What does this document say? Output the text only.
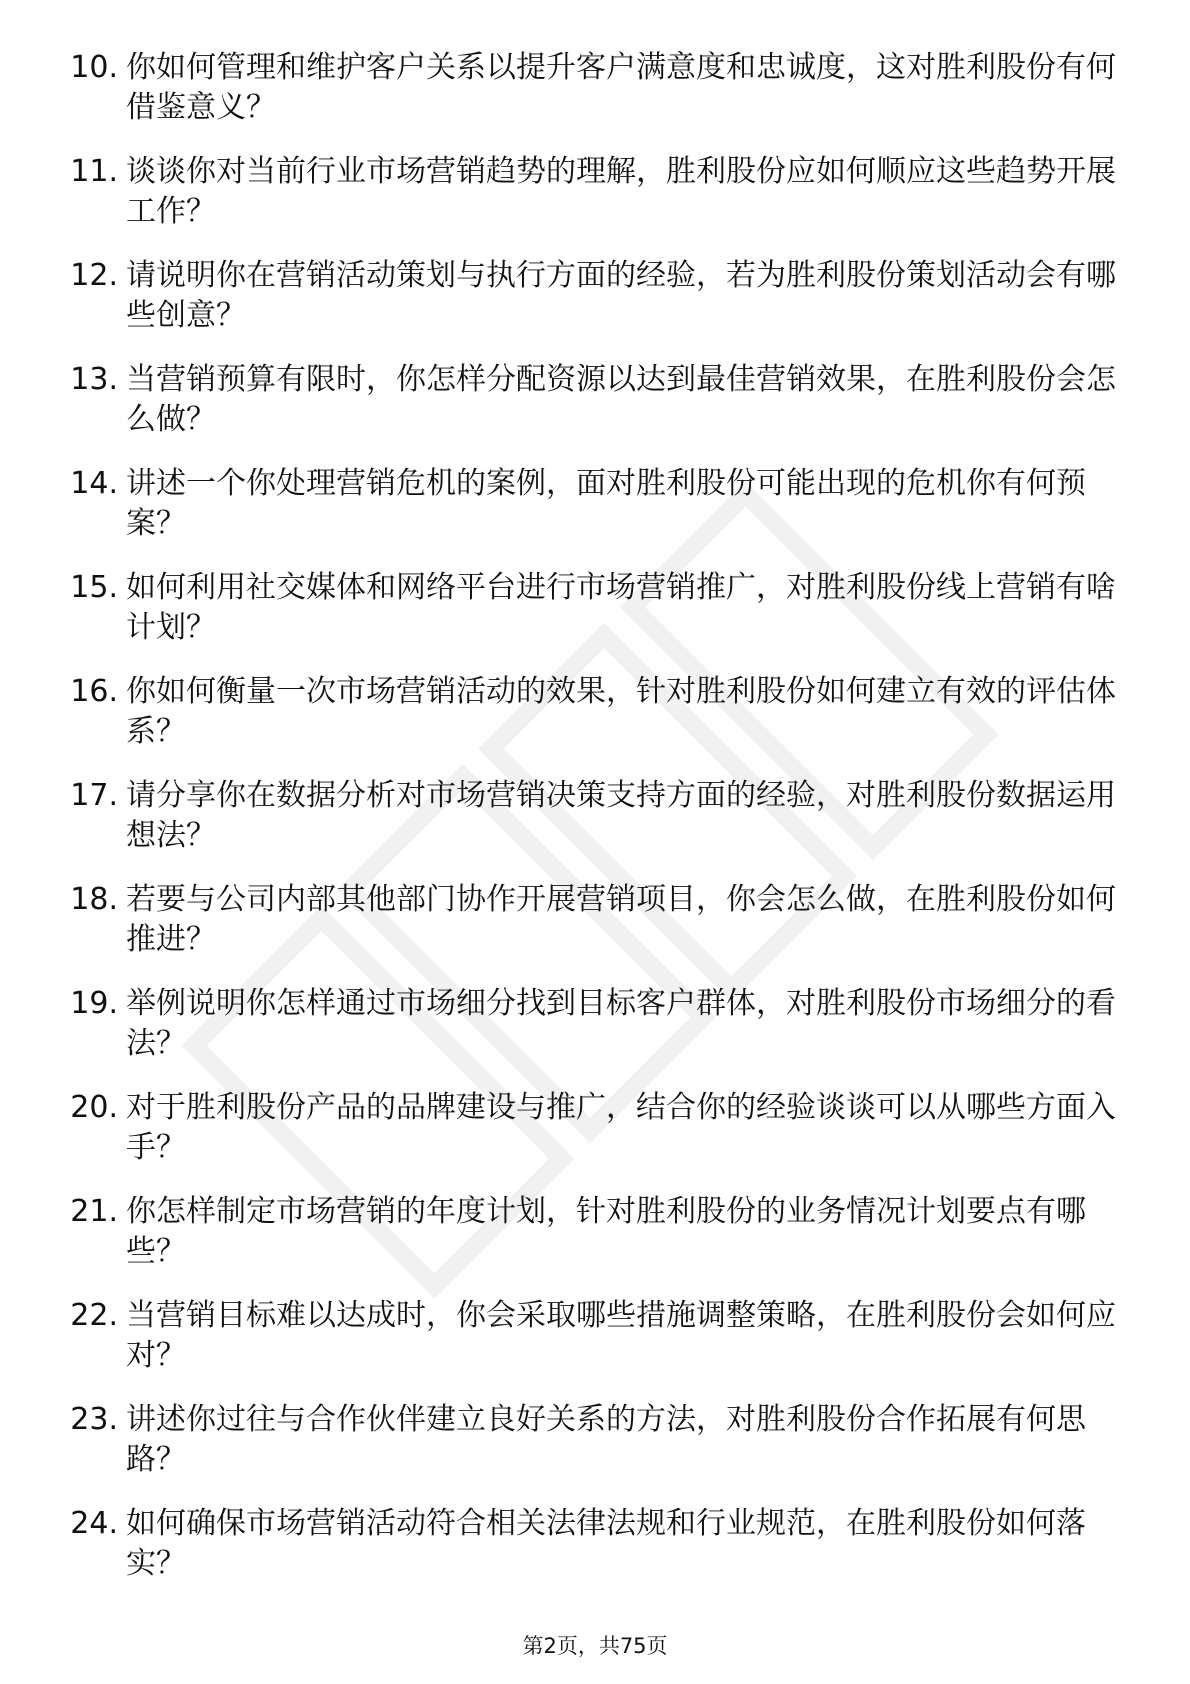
10. 你如何管理和维护客户关系以提升客户满意度和忠诚度，这对胜利股份有何借鉴意义？
11. 谈谈你对当前行业市场营销趋势的理解，胜利股份应如何顺应这些趋势开展工作？
12. 请说明你在营销活动策划与执行方面的经验，若为胜利股份策划活动会有哪些创意？
13. 当营销预算有限时，你怎样分配资源以达到最佳营销效果，在胜利股份会怎么做？
14. 讲述一个你处理营销危机的案例，面对胜利股份可能出现的危机你有何预案？
15. 如何利用社交媒体和网络平台进行市场营销推广，对胜利股份线上营销有啥计划？
16. 你如何衡量一次市场营销活动的效果，针对胜利股份如何建立有效的评估体系？
17. 请分享你在数据分析对市场营销决策支持方面的经验，对胜利股份数据运用想法？
18. 若要与公司内部其他部门协作开展营销项目，你会怎么做，在胜利股份如何推进？
19. 举例说明你怎样通过市场细分找到目标客户群体，对胜利股份市场细分的看法？
20. 对于胜利股份产品的品牌建设与推广，结合你的经验谈谈可以从哪些方面入手？
21. 你怎样制定市场营销的年度计划，针对胜利股份的业务情况计划要点有哪些？
22. 当营销目标难以达成时，你会采取哪些措施调整策略，在胜利股份会如何应对？
23. 讲述你过往与合作伙伴建立良好关系的方法，对胜利股份合作拓展有何思路？
24. 如何确保市场营销活动符合相关法律法规和行业规范，在胜利股份如何落实？
第2页，共75页
